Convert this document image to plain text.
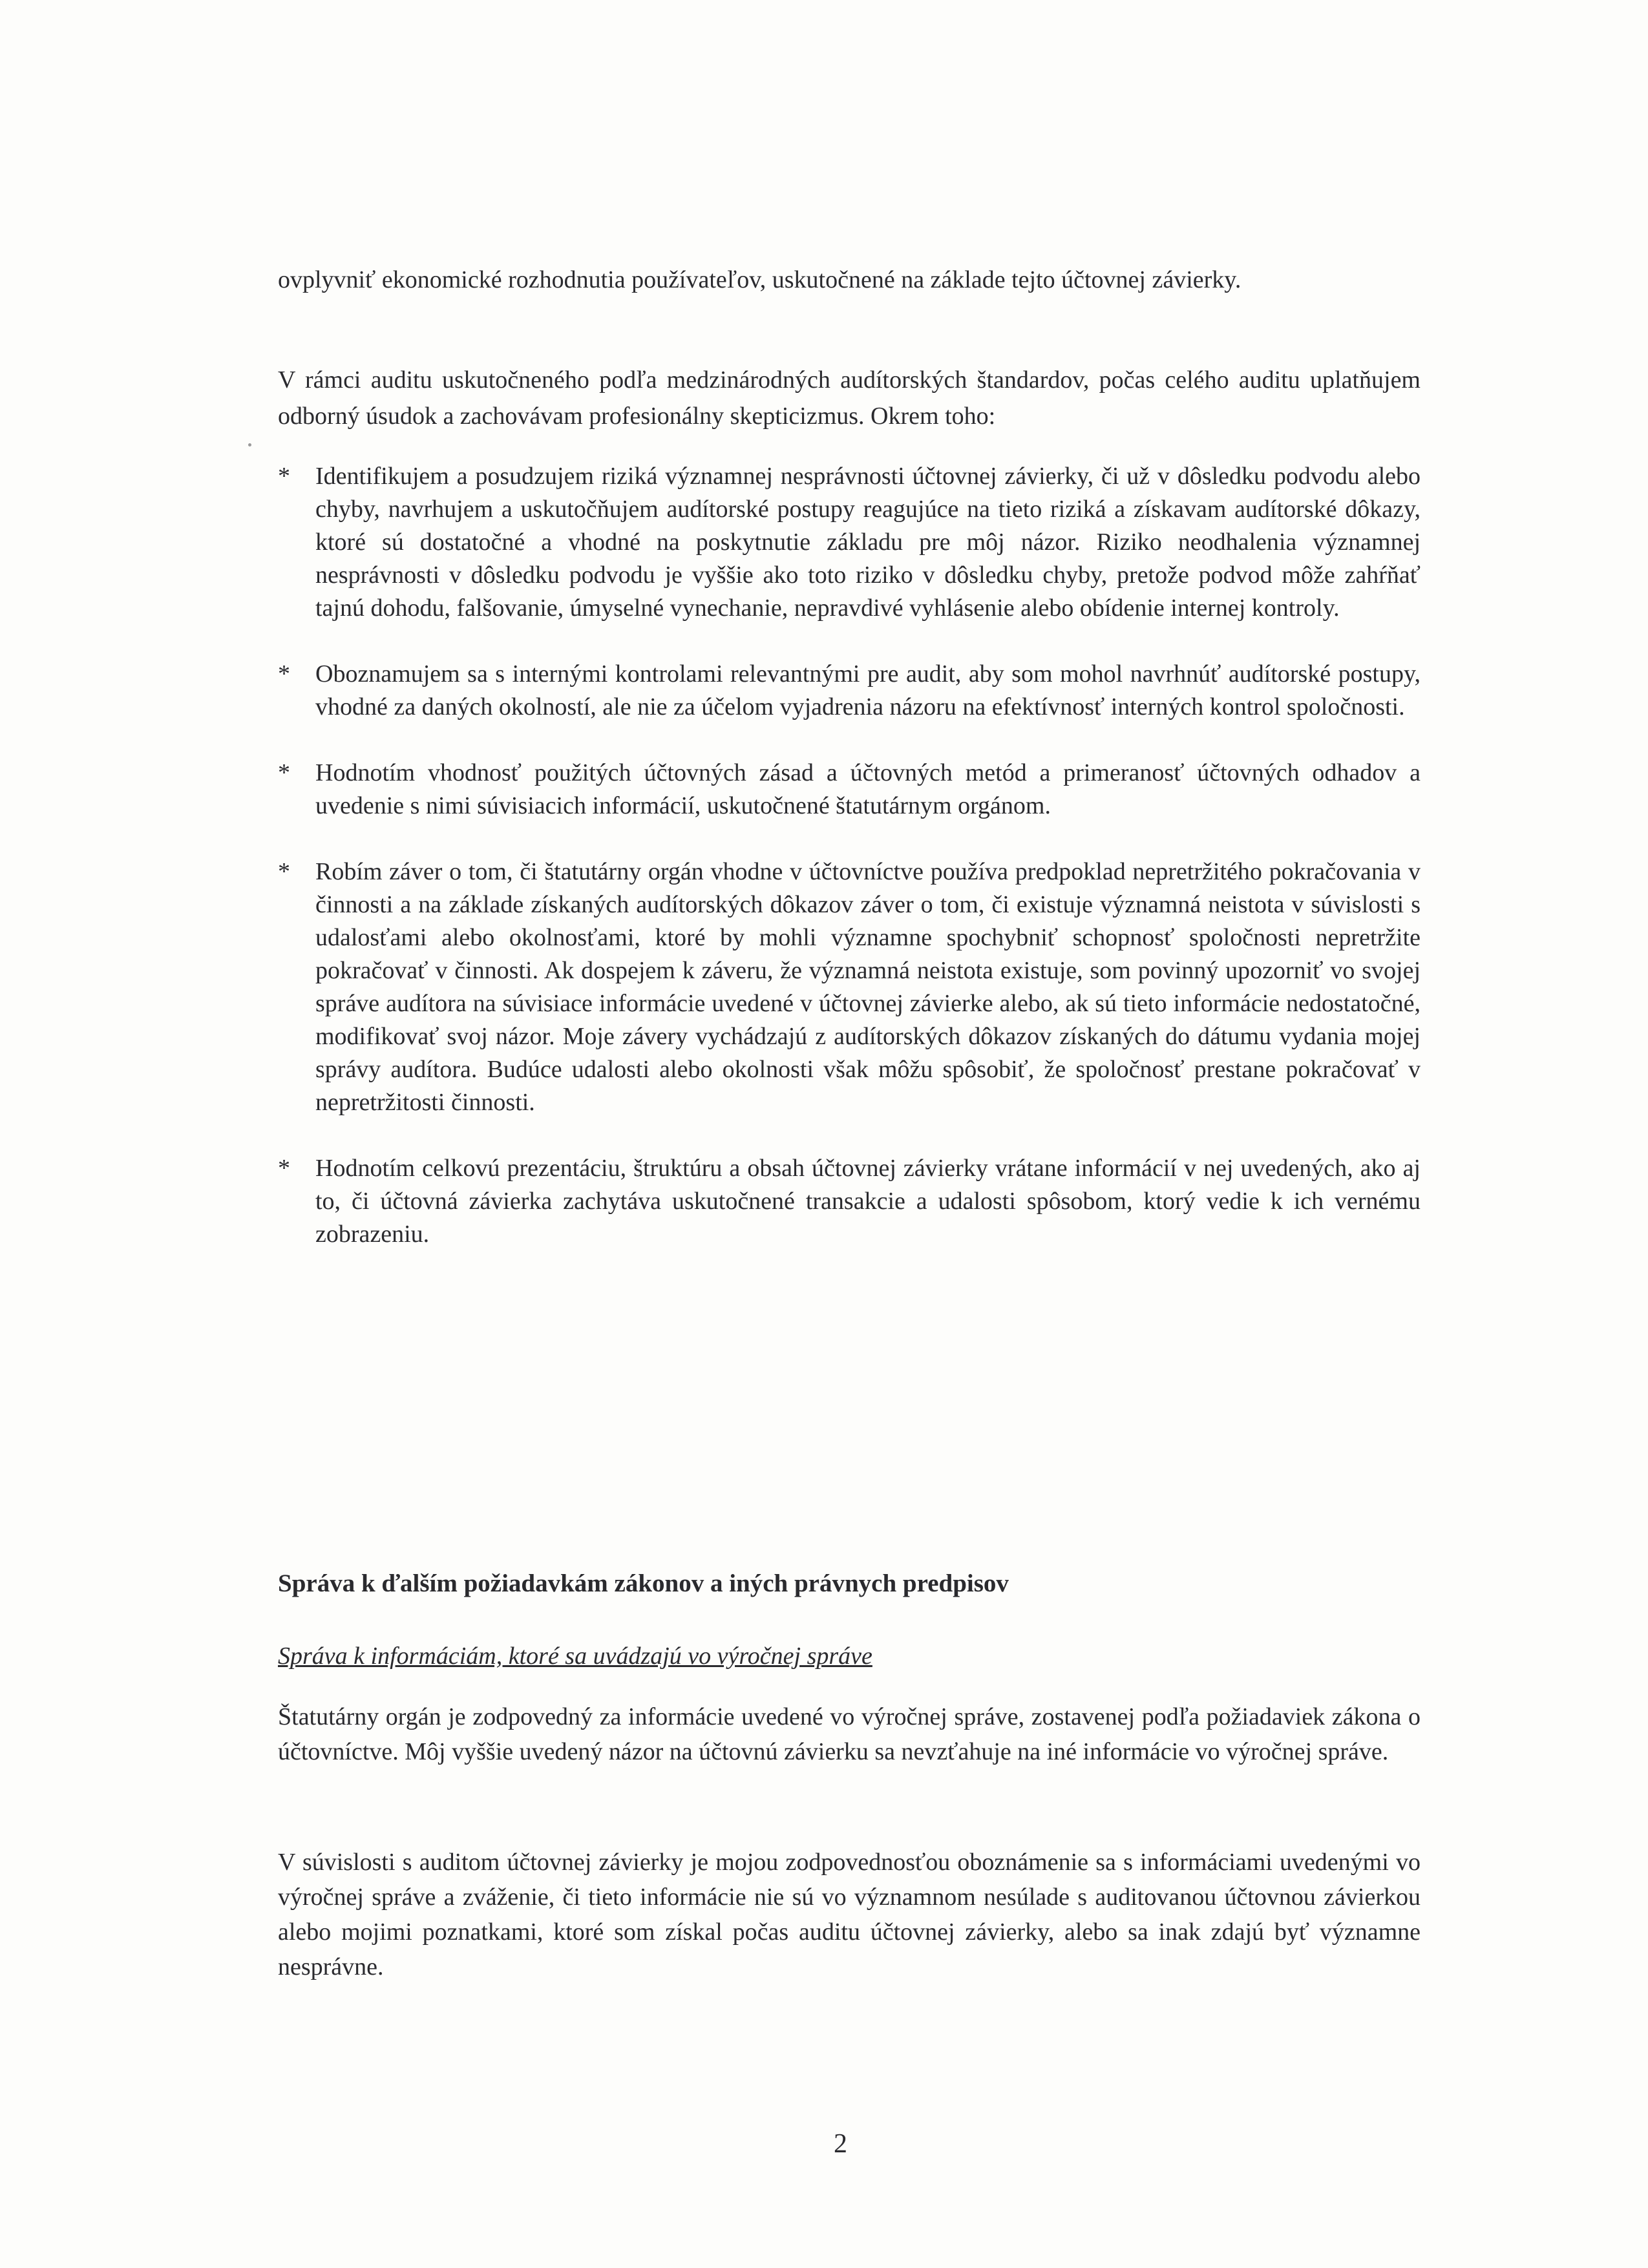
ovplyvniť ekonomické rozhodnutia používateľov, uskutočnené na základe tejto účtovnej závierky.

V rámci auditu uskutočneného podľa medzinárodných audítorských štandardov, počas celého auditu uplatňujem odborný úsudok a zachovávam profesionálny skepticizmus. Okrem toho:

* Identifikujem a posudzujem riziká významnej nesprávnosti účtovnej závierky, či už v dôsledku podvodu alebo chyby, navrhujem a uskutočňujem audítorské postupy reagujúce na tieto riziká a získavam audítorské dôkazy, ktoré sú dostatočné a vhodné na poskytnutie základu pre môj názor. Riziko neodhalenia významnej nesprávnosti v dôsledku podvodu je vyššie ako toto riziko v dôsledku chyby, pretože podvod môže zahŕňať tajnú dohodu, falšovanie, úmyselné vynechanie, nepravdivé vyhlásenie alebo obídenie internej kontroly.
* Oboznamujem sa s internými kontrolami relevantnými pre audit, aby som mohol navrhnúť audítorské postupy, vhodné za daných okolností, ale nie za účelom vyjadrenia názoru na efektívnosť interných kontrol spoločnosti.
* Hodnotím vhodnosť použitých účtovných zásad a účtovných metód a primeranosť účtovných odhadov a uvedenie s nimi súvisiacich informácií, uskutočnené štatutárnym orgánom.
* Robím záver o tom, či štatutárny orgán vhodne v účtovníctve používa predpoklad nepretržitého pokračovania v činnosti a na základe získaných audítorských dôkazov záver o tom, či existuje významná neistota v súvislosti s udalosťami alebo okolnosťami, ktoré by mohli významne spochybniť schopnosť spoločnosti nepretržite pokračovať v činnosti. Ak dospejem k záveru, že významná neistota existuje, som povinný upozorniť vo svojej správe audítora na súvisiace informácie uvedené v účtovnej závierke alebo, ak sú tieto informácie nedostatočné, modifikovať svoj názor. Moje závery vychádzajú z audítorských dôkazov získaných do dátumu vydania mojej správy audítora. Budúce udalosti alebo okolnosti však môžu spôsobiť, že spoločnosť prestane pokračovať v nepretržitosti činnosti.
* Hodnotím celkovú prezentáciu, štruktúru a obsah účtovnej závierky vrátane informácií v nej uvedených, ako aj to, či účtovná závierka zachytáva uskutočnené transakcie a udalosti spôsobom, ktorý vedie k ich vernému zobrazeniu.
Správa k ďalším požiadavkám zákonov a iných právnych predpisov
Správa k informáciám, ktoré sa uvádzajú vo výročnej správe

Štatutárny orgán je zodpovedný za informácie uvedené vo výročnej správe, zostavenej podľa požiadaviek zákona o účtovníctve. Môj vyššie uvedený názor na účtovnú závierku sa nevzťahuje na iné informácie vo výročnej správe.

V súvislosti s auditom účtovnej závierky je mojou zodpovednosťou oboznámenie sa s informáciami uvedenými vo výročnej správe a zváženie, či tieto informácie nie sú vo významnom nesúlade s auditovanou účtovnou závierkou alebo mojimi poznatkami, ktoré som získal počas auditu účtovnej závierky, alebo sa inak zdajú byť významne nesprávne.

2
